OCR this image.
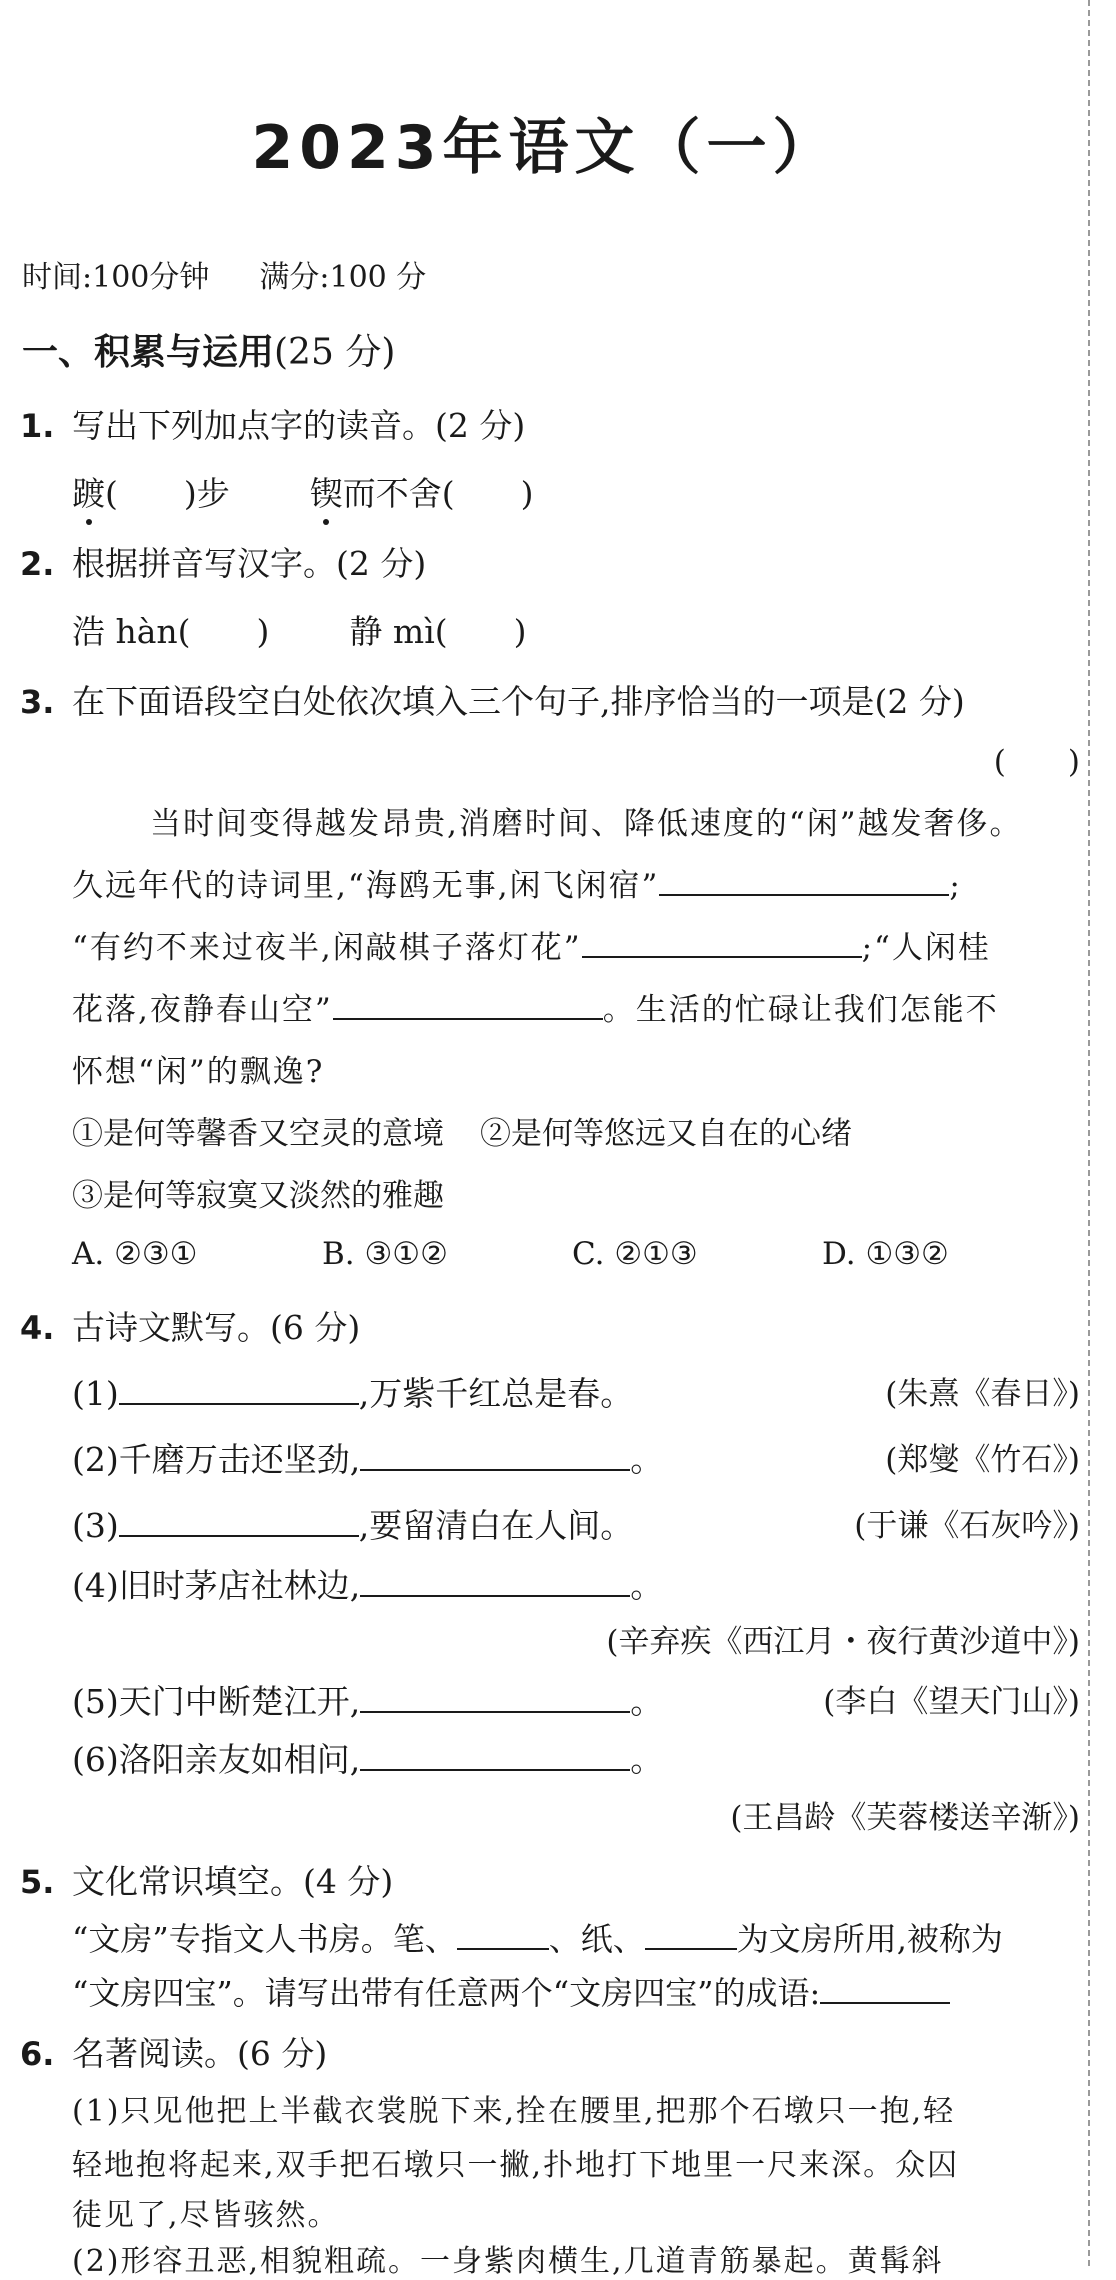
2023年语文（一）
时间:100分钟 满分:100 分
一、积累与运用(25 分)
1. 写出下列加点字的读音。(2 分)
踱(　　)步 锲而不舍(　　)
2. 根据拼音写汉字。(2 分)
浩 hàn(　　) 静 mì(　　)
3. 在下面语段空白处依次填入三个句子,排序恰当的一项是(2 分)
(　　)
当时间变得越发昂贵,消磨时间、降低速度的“闲”越发奢侈。
久远年代的诗词里,“海鸥无事,闲飞闲宿”	;
“有约不来过夜半,闲敲棋子落灯花”	;“人闲桂
花落,夜静春山空”	。生活的忙碌让我们怎能不
怀想“闲”的飘逸?
①是何等馨香又空灵的意境 ②是何等悠远又自在的心绪
③是何等寂寞又淡然的雅趣
A. ②③①	B. ③①②	C. ②①③	D. ①③②
4. 古诗文默写。(6 分)
(1)	,万紫千红总是春。	(朱熹《春日》)
(2)千磨万击还坚劲,	。	(郑燮《竹石》)
(3)	,要留清白在人间。	(于谦《石灰吟》)
(4)旧时茅店社林边,	。
(辛弃疾《西江月・夜行黄沙道中》)
(5)天门中断楚江开,	。	(李白《望天门山》)
(6)洛阳亲友如相问,	。
(王昌龄《芙蓉楼送辛渐》)
5. 文化常识填空。(4 分)
“文房”专指文人书房。笔、	、纸、	为文房所用,被称为
“文房四宝”。请写出带有任意两个“文房四宝”的成语:
6. 名著阅读。(6 分)
(1)只见他把上半截衣裳脱下来,拴在腰里,把那个石墩只一抱,轻
轻地抱将起来,双手把石墩只一撇,扑地打下地里一尺来深。众囚
徒见了,尽皆骇然。
(2)形容丑恶,相貌粗疏。一身紫肉横生,几道青筋暴起。黄髯斜
